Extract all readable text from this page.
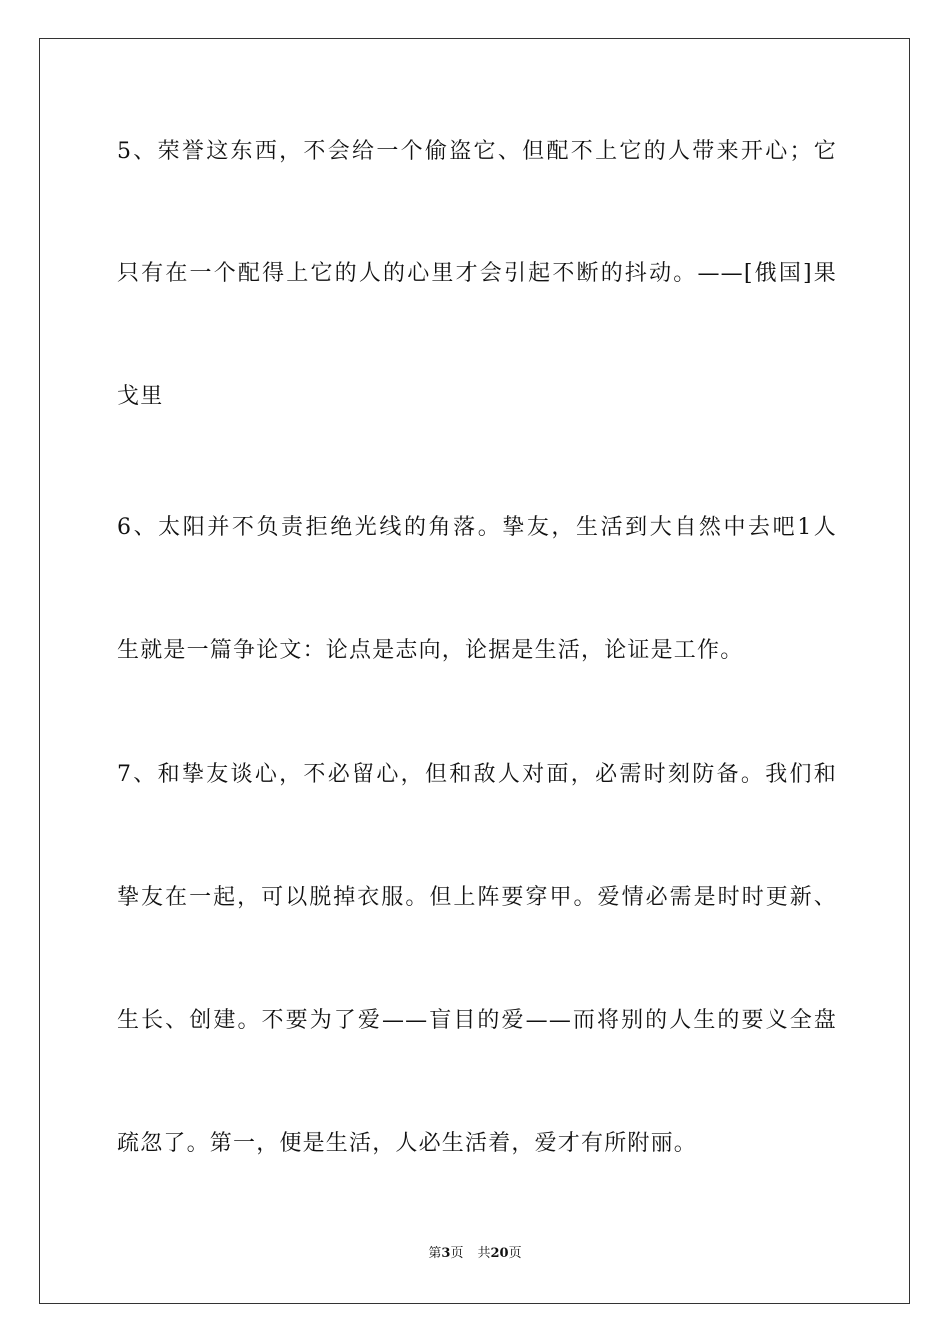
5、荣誉这东西，不会给一个偷盗它、但配不上它的人带来开心；它
只有在一个配得上它的人的心里才会引起不断的抖动。——[俄国]果
戈里
6、太阳并不负责拒绝光线的角落。挚友，生活到大自然中去吧1人
生就是一篇争论文：论点是志向，论据是生活，论证是工作。
7、和挚友谈心，不必留心，但和敌人对面，必需时刻防备。我们和
挚友在一起，可以脱掉衣服。但上阵要穿甲。爱情必需是时时更新、
生长、创建。不要为了爱——盲目的爱——而将别的人生的要义全盘
疏忽了。第一，便是生活，人必生活着，爱才有所附丽。
第3页 共20页
